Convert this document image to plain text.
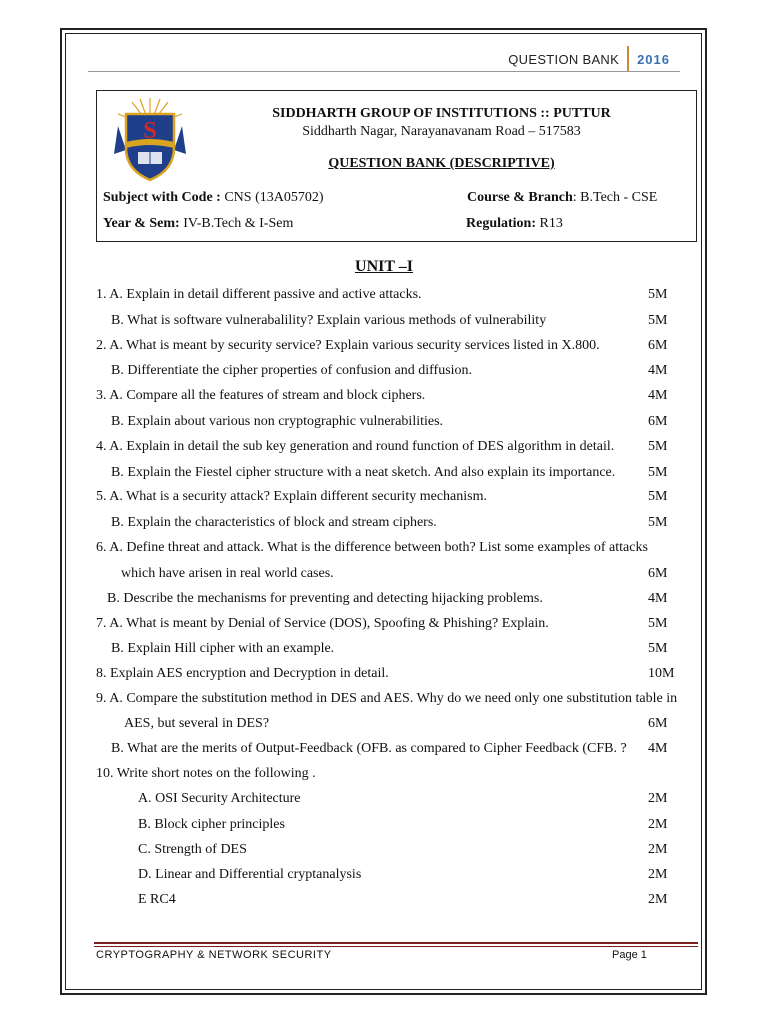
QUESTION BANK	2016
S
SIDDHARTH GROUP OF INSTITUTIONS :: PUTTUR
Siddharth Nagar, Narayanavanam Road – 517583
QUESTION BANK (DESCRIPTIVE)
Subject with Code : CNS (13A05702)	Course & Branch: B.Tech - CSE
Year & Sem: IV-B.Tech & I-Sem	Regulation: R13
UNIT –I
1. A. Explain in detail different passive and active attacks.	5M
B. What is software vulnerabalility? Explain various methods of vulnerability	5M
2. A. What is meant by security service? Explain various security services listed in X.800.	6M
B. Differentiate the cipher properties of confusion and diffusion.	4M
3. A. Compare all the features of stream and block ciphers.	4M
B. Explain about various non cryptographic vulnerabilities.	6M
4. A. Explain in detail the sub key generation and round function of DES algorithm in detail. 5M
B. Explain the Fiestel cipher structure with a neat sketch. And also explain its importance. 5M
5. A. What is a security attack? Explain different security mechanism.	5M
B. Explain the characteristics of block and stream ciphers.	5M
6. A. Define threat and attack. What is the difference between both? List some examples of attacks
which have arisen in real world cases.	6M
B. Describe the mechanisms for preventing and detecting hijacking problems.	4M
7. A. What is meant by Denial of Service (DOS), Spoofing & Phishing? Explain.	5M
B. Explain Hill cipher with an example.	5M
8. Explain AES encryption and Decryption in detail.	10M
9. A. Compare the substitution method in DES and AES. Why do we need only one substitution table in
AES, but several in DES?	6M
B. What are the merits of Output-Feedback (OFB. as compared to Cipher Feedback (CFB. ? 4M
10. Write short notes on the following .
A. OSI Security Architecture	2M
B. Block cipher principles	2M
C. Strength of DES	2M
D. Linear and Differential cryptanalysis	2M
E RC4	2M
CRYPTOGRAPHY & NETWORK SECURITY	Page 1
